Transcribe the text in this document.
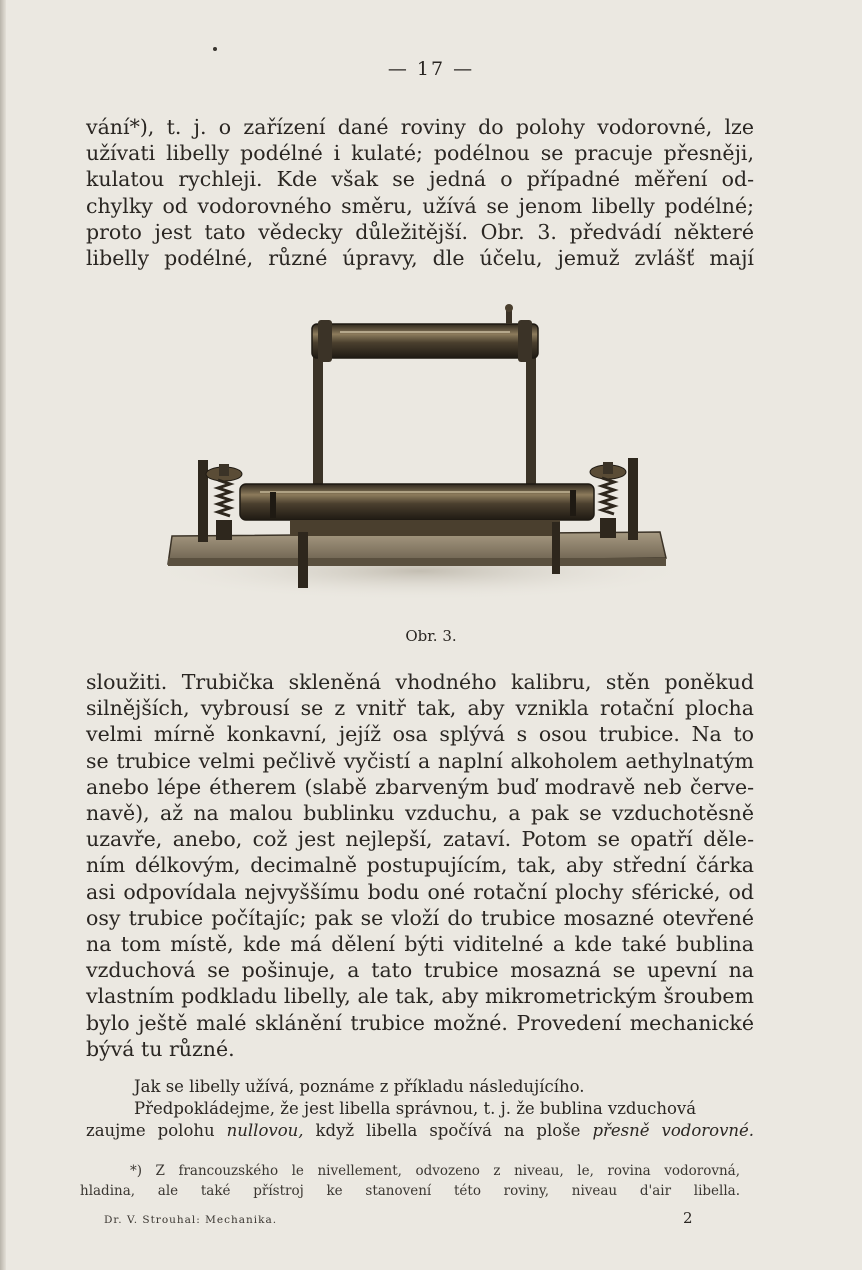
— 17 —

vání*), t. j. o zařízení dané roviny do polohy vodorovné, lze
užívati libelly podélné i kulaté; podélnou se pracuje přesněji,
kulatou rychleji. Kde však se jedná o případné měření od-
chylky od vodorovného směru, užívá se jenom libelly podélné;
proto jest tato vědecky důležitější. Obr. 3. předvádí některé
libelly podélné, různé úpravy, dle účelu, jemuž zvlášť mají

Obr. 3.

sloužiti. Trubička skleněná vhodného kalibru, stěn poněkud
silnějších, vybrousí se z vnitř tak, aby vznikla rotační plocha
velmi mírně konkavní, jejíž osa splývá s osou trubice. Na to
se trubice velmi pečlivě vyčistí a naplní alkoholem aethylnatým
anebo lépe étherem (slabě zbarveným buď modravě neb červe-
navě), až na malou bublinku vzduchu, a pak se vzduchotěsně
uzavře, anebo, což jest nejlepší, zataví. Potom se opatří děle-
ním délkovým, decimalně postupujícím, tak, aby střední čárka
asi odpovídala nejvyššímu bodu oné rotační plochy sférické, od
osy trubice počítajíc; pak se vloží do trubice mosazné otevřené
na tom místě, kde má dělení býti viditelné a kde také bublina
vzduchová se pošinuje, a tato trubice mosazná se upevní na
vlastním podkladu libelly, ale tak, aby mikrometrickým šroubem
bylo ještě malé sklánění trubice možné. Provedení mechanické
bývá tu různé.

Jak se libelly užívá, poznáme z příkladu následujícího.
Předpokládejme, že jest libella správnou, t. j. že bublina vzduchová
zaujme polohu nullovou, když libella spočívá na ploše přesně vodorovné.

*) Z francouzského le nivellement, odvozeno z niveau, le, rovina vodorovná,
hladina, ale také přístroj ke stanovení této roviny, niveau d'air libella.

Dr. V. Strouhal: Mechanika.	2
